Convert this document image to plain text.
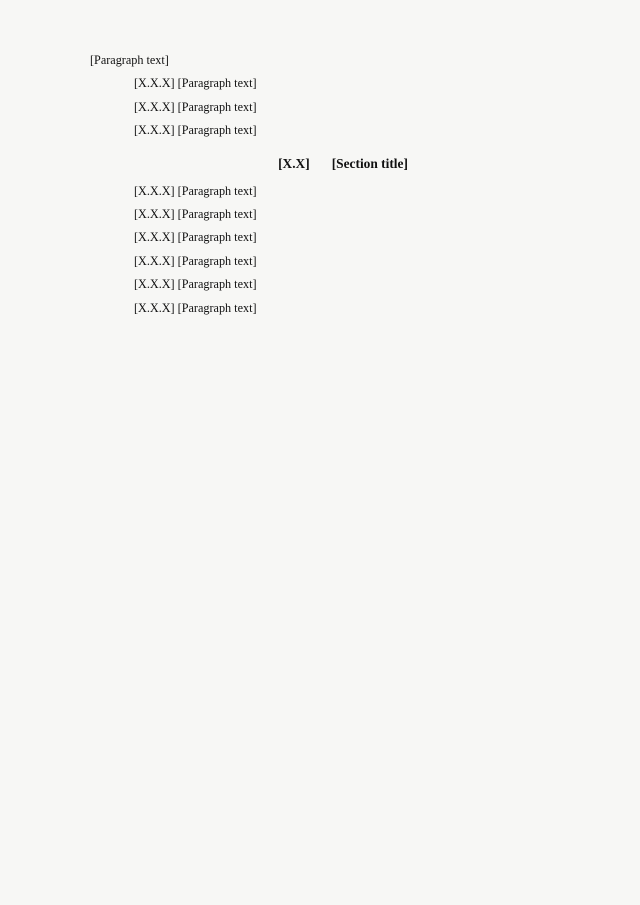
[Paragraph text]

[X.X.X] [Paragraph text]

[X.X.X] [Paragraph text]

[X.X.X] [Paragraph text]

[X.X] [Section title]

[X.X.X] [Paragraph text]

[X.X.X] [Paragraph text]

[X.X.X] [Paragraph text]

[X.X.X] [Paragraph text]

[X.X.X] [Paragraph text]

[X.X.X] [Paragraph text]
